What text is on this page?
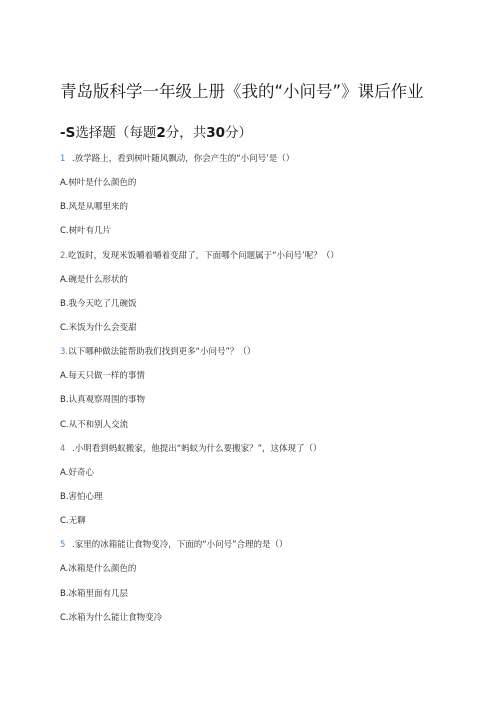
青岛版科学一年级上册《我的“小问号”》课后作业
-S选择题（每题2分，共30分）
1 .放学路上，看到树叶随风飘动，你会产生的“小问号’是（）
A.树叶是什么颜色的
B.风是从哪里来的
C.树叶有几片
2.吃饭时，发现米饭嚼着嚼着变甜了，下面哪个问题属于“小问号’呢？（）
A.碗是什么形状的
B.我今天吃了几碗饭
C.米饭为什么会变甜
3.以下哪种做法能帮助我们找到更多“小问号”？（）
A.每天只做一样的事情
B.认真观察周围的事物
C.从不和别人交流
4 .小明看到蚂蚁搬家，他提出“蚂蚁为什么要搬家？”，这体现了（）
A.好奇心
B.害怕心理
C.无聊
5 .家里的冰箱能让食物变冷，下面的“小问号”合理的是（）
A.冰箱是什么颜色的
B.冰箱里面有几层
C.冰箱为什么能让食物变冷
